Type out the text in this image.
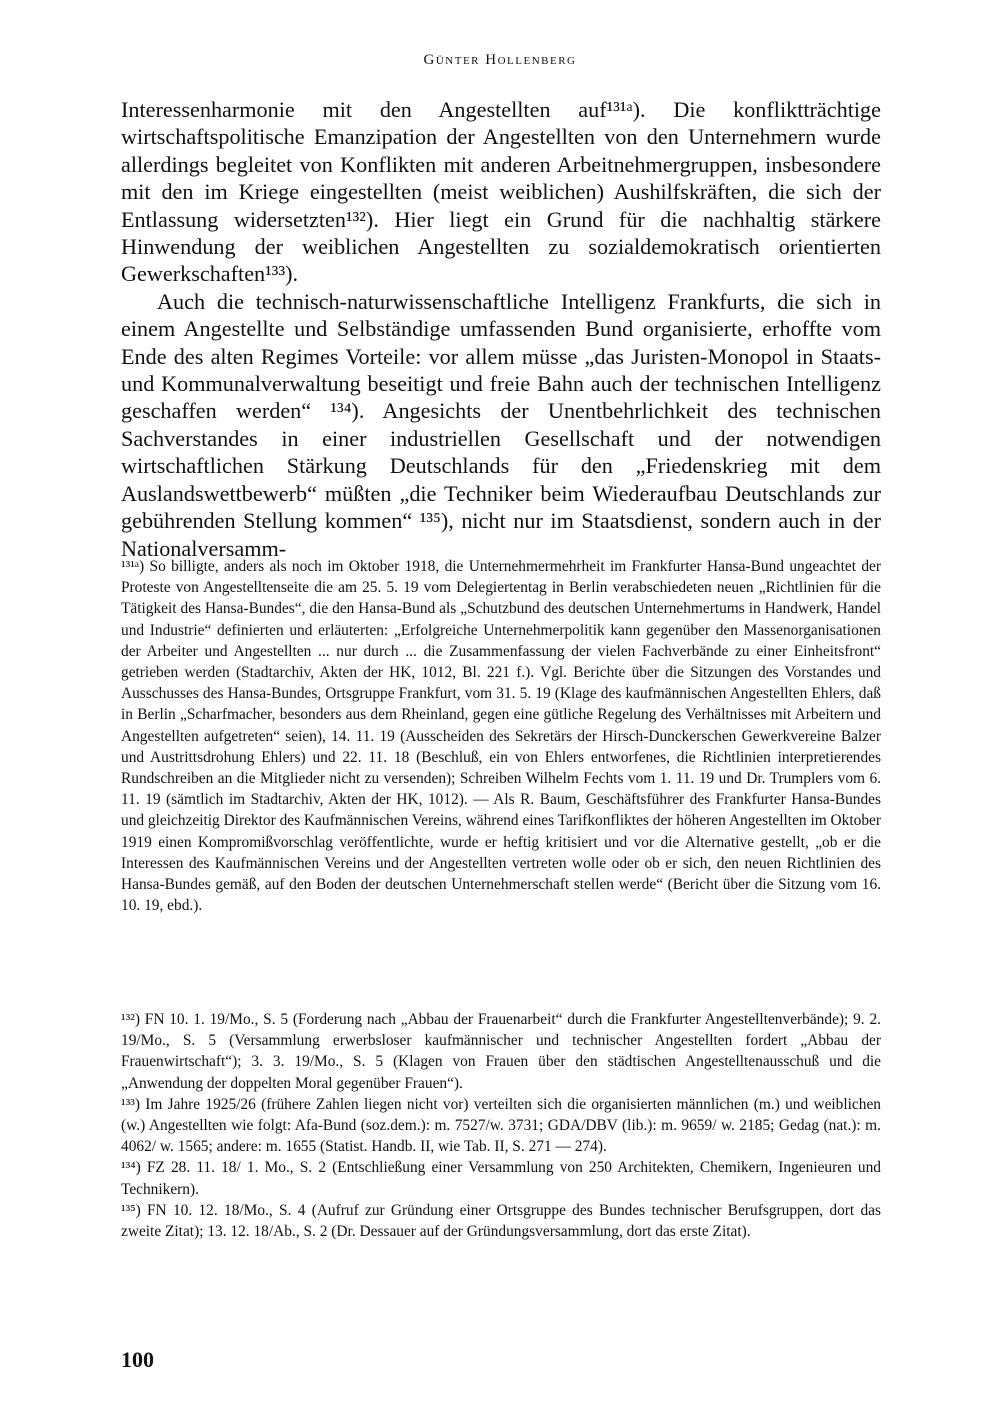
Günter Hollenberg

Interessenharmonie mit den Angestellten auf¹³¹ᵃ). Die konfliktträchtige wirtschaftspolitische Emanzipation der Angestellten von den Unternehmern wurde allerdings begleitet von Konflikten mit anderen Arbeitnehmergruppen, insbesondere mit den im Kriege eingestellten (meist weiblichen) Aushilfskräften, die sich der Entlassung widersetzten¹³²). Hier liegt ein Grund für die nachhaltig stärkere Hinwendung der weiblichen Angestellten zu sozialdemokratisch orientierten Gewerkschaften¹³³).

Auch die technisch-naturwissenschaftliche Intelligenz Frankfurts, die sich in einem Angestellte und Selbständige umfassenden Bund organisierte, erhoffte vom Ende des alten Regimes Vorteile: vor allem müsse „das Juristen-Monopol in Staats- und Kommunalverwaltung beseitigt und freie Bahn auch der technischen Intelligenz geschaffen werden“ ¹³⁴). Angesichts der Unentbehrlichkeit des technischen Sachverstandes in einer industriellen Gesellschaft und der notwendigen wirtschaftlichen Stärkung Deutschlands für den „Friedenskrieg mit dem Auslandswettbewerb“ müßten „die Techniker beim Wiederaufbau Deutschlands zur gebührenden Stellung kommen“ ¹³⁵), nicht nur im Staatsdienst, sondern auch in der Nationalversamm-

¹³¹ᵃ) So billigte, anders als noch im Oktober 1918, die Unternehmermehrheit im Frankfurter Hansa-Bund ungeachtet der Proteste von Angestelltenseite die am 25. 5. 19 vom Delegiertentag in Berlin verabschiedeten neuen „Richtlinien für die Tätigkeit des Hansa-Bundes“, die den Hansa-Bund als „Schutzbund des deutschen Unternehmertums in Handwerk, Handel und Industrie“ definierten und erläuterten: „Erfolgreiche Unternehmerpolitik kann gegenüber den Massenorganisationen der Arbeiter und Angestellten ... nur durch ... die Zusammenfassung der vielen Fachverbände zu einer Einheitsfront“ getrieben werden (Stadtarchiv, Akten der HK, 1012, Bl. 221 f.). Vgl. Berichte über die Sitzungen des Vorstandes und Ausschusses des Hansa-Bundes, Ortsgruppe Frankfurt, vom 31. 5. 19 (Klage des kaufmännischen Angestellten Ehlers, daß in Berlin „Scharfmacher, besonders aus dem Rheinland, gegen eine gütliche Regelung des Verhältnisses mit Arbeitern und Angestellten aufgetreten“ seien), 14. 11. 19 (Ausscheiden des Sekretärs der Hirsch-Dunckerschen Gewerkvereine Balzer und Austrittsdrohung Ehlers) und 22. 11. 18 (Beschluß, ein von Ehlers entworfenes, die Richtlinien interpretierendes Rundschreiben an die Mitglieder nicht zu versenden); Schreiben Wilhelm Fechts vom 1. 11. 19 und Dr. Trumplers vom 6. 11. 19 (sämtlich im Stadtarchiv, Akten der HK, 1012). — Als R. Baum, Geschäftsführer des Frankfurter Hansa-Bundes und gleichzeitig Direktor des Kaufmännischen Vereins, während eines Tarifkonfliktes der höheren Angestellten im Oktober 1919 einen Kompromißvorschlag veröffentlichte, wurde er heftig kritisiert und vor die Alternative gestellt, „ob er die Interessen des Kaufmännischen Vereins und der Angestellten vertreten wolle oder ob er sich, den neuen Richtlinien des Hansa-Bundes gemäß, auf den Boden der deutschen Unternehmerschaft stellen werde“ (Bericht über die Sitzung vom 16. 10. 19, ebd.).

¹³²) FN 10. 1. 19/Mo., S. 5 (Forderung nach „Abbau der Frauenarbeit“ durch die Frankfurter Angestelltenverbände); 9. 2. 19/Mo., S. 5 (Versammlung erwerbsloser kaufmännischer und technischer Angestellten fordert „Abbau der Frauenwirtschaft“); 3. 3. 19/Mo., S. 5 (Klagen von Frauen über den städtischen Angestelltenausschuß und die „Anwendung der doppelten Moral gegenüber Frauen“).

¹³³) Im Jahre 1925/26 (frühere Zahlen liegen nicht vor) verteilten sich die organisierten männlichen (m.) und weiblichen (w.) Angestellten wie folgt: Afa-Bund (soz.dem.): m. 7527/w. 3731; GDA/DBV (lib.): m. 9659/ w. 2185; Gedag (nat.): m. 4062/ w. 1565; andere: m. 1655 (Statist. Handb. II, wie Tab. II, S. 271 — 274).

¹³⁴) FZ 28. 11. 18/ 1. Mo., S. 2 (Entschließung einer Versammlung von 250 Architekten, Chemikern, Ingenieuren und Technikern).

¹³⁵) FN 10. 12. 18/Mo., S. 4 (Aufruf zur Gründung einer Ortsgruppe des Bundes technischer Berufsgruppen, dort das zweite Zitat); 13. 12. 18/Ab., S. 2 (Dr. Dessauer auf der Gründungsversammlung, dort das erste Zitat).

100
